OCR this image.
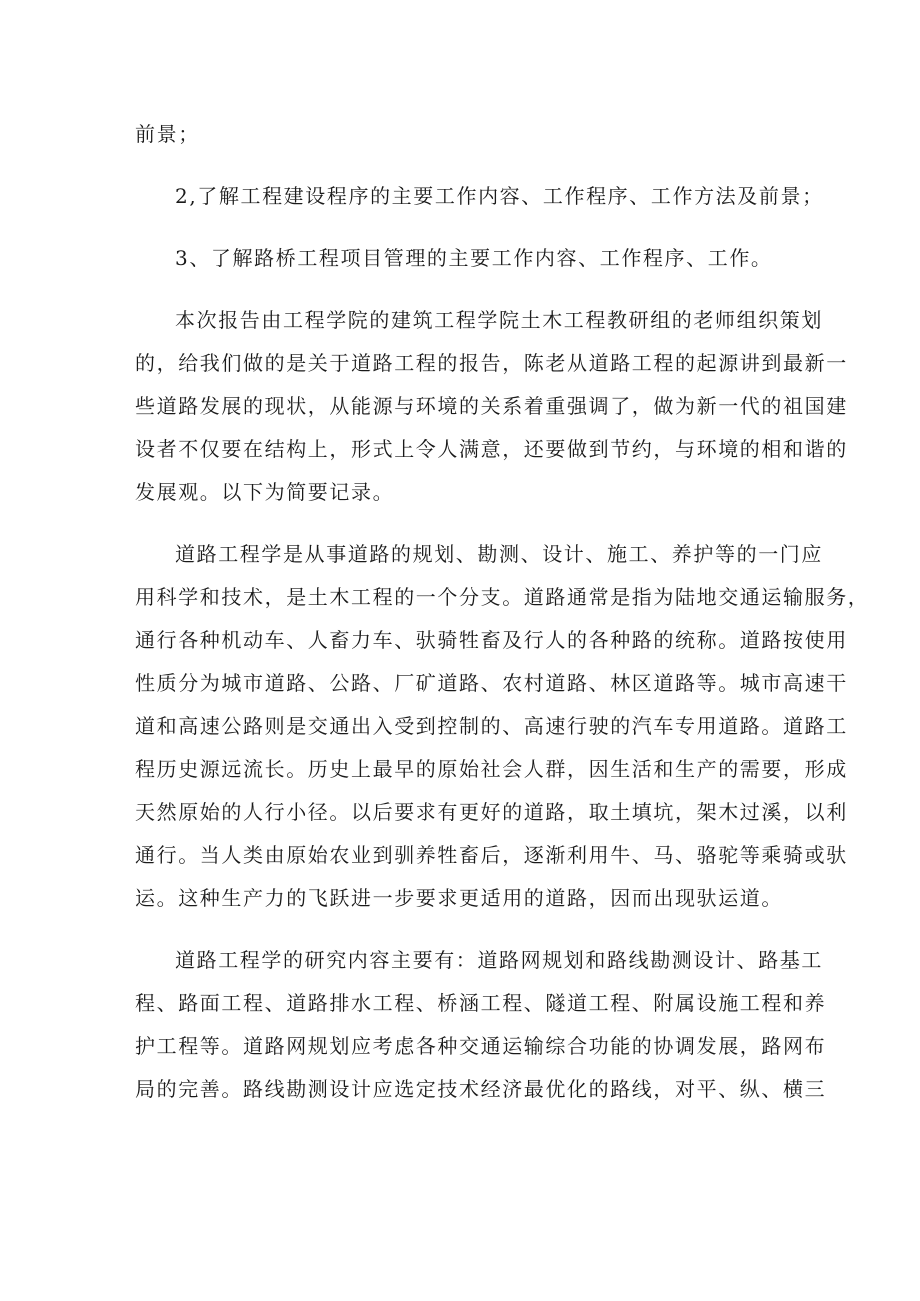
前景；
2,了解工程建设程序的主要工作内容、工作程序、工作方法及前景；
3、了解路桥工程项目管理的主要工作内容、工作程序、工作。
本次报告由工程学院的建筑工程学院土木工程教研组的老师组织策划
的，给我们做的是关于道路工程的报告，陈老从道路工程的起源讲到最新一
些道路发展的现状，从能源与环境的关系着重强调了，做为新一代的祖国建
设者不仅要在结构上，形式上令人满意，还要做到节约，与环境的相和谐的
发展观。以下为简要记录。
道路工程学是从事道路的规划、勘测、设计、施工、养护等的一门应
用科学和技术，是土木工程的一个分支。道路通常是指为陆地交通运输服务，
通行各种机动车、人畜力车、驮骑牲畜及行人的各种路的统称。道路按使用
性质分为城市道路、公路、厂矿道路、农村道路、林区道路等。城市高速干
道和高速公路则是交通出入受到控制的、高速行驶的汽车专用道路。道路工
程历史源远流长。历史上最早的原始社会人群，因生活和生产的需要，形成
天然原始的人行小径。以后要求有更好的道路，取土填坑，架木过溪，以利
通行。当人类由原始农业到驯养牲畜后，逐渐利用牛、马、骆驼等乘骑或驮
运。这种生产力的飞跃进一步要求更适用的道路，因而出现驮运道。
道路工程学的研究内容主要有：道路网规划和路线勘测设计、路基工
程、路面工程、道路排水工程、桥涵工程、隧道工程、附属设施工程和养
护工程等。道路网规划应考虑各种交通运输综合功能的协调发展，路网布
局的完善。路线勘测设计应选定技术经济最优化的路线，对平、纵、横三
